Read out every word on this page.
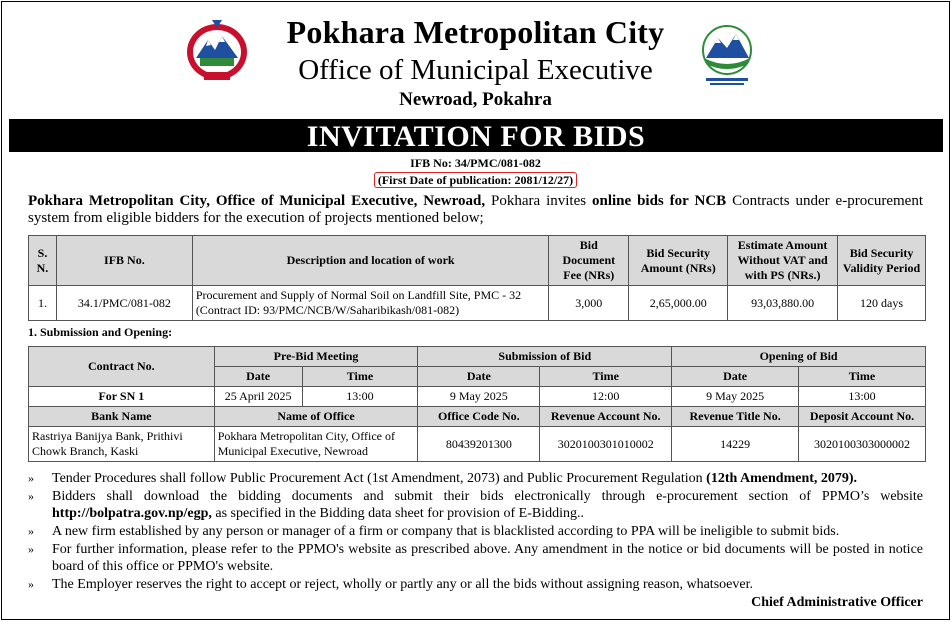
Pokhara Metropolitan City
Office of Municipal Executive
Newroad, Pokahra
INVITATION FOR BIDS
IFB No: 34/PMC/081-082
(First Date of publication: 2081/12/27)
Pokhara Metropolitan City, Office of Municipal Executive, Newroad, Pokhara invites online bids for NCB Contracts under e-procurement system from eligible bidders for the execution of projects mentioned below;
S. N.	IFB No.	Description and location of work	Bid Document Fee (NRs)	Bid Security Amount (NRs)	Estimate Amount Without VAT and with PS (NRs.)	Bid Security Validity Period
1.	34.1/PMC/081-082	Procurement and Supply of Normal Soil on Landfill Site, PMC - 32 (Contract ID: 93/PMC/NCB/W/Saharibikash/081-082)	3,000	2,65,000.00	93,03,880.00	120 days
1. Submission and Opening:
Contract No.	Pre-Bid Meeting		Submission of Bid		Opening of Bid	
	Date	Time	Date	Time	Date	Time
For SN 1	25 April 2025	13:00	9 May 2025	12:00	9 May 2025	13:00
Bank Name	Name of Office		Office Code No.	Revenue Account No.	Revenue Title No.	Deposit Account No.
Rastriya Banijya Bank, Prithivi Chowk Branch, Kaski	Pokhara Metropolitan City, Office of Municipal Executive, Newroad		80439201300	3020100301010002	14229	3020100303000002
»	Tender Procedures shall follow Public Procurement Act (1st Amendment, 2073) and Public Procurement Regulation (12th Amendment, 2079).
»	Bidders shall download the bidding documents and submit their bids electronically through e-procurement section of PPMO’s website http://bolpatra.gov.np/egp, as specified in the Bidding data sheet for provision of E-Bidding..
»	A new firm established by any person or manager of a firm or company that is blacklisted according to PPA will be ineligible to submit bids.
»	For further information, please refer to the PPMO's website as prescribed above. Any amendment in the notice or bid documents will be posted in notice board of this office or PPMO's website.
»	The Employer reserves the right to accept or reject, wholly or partly any or all the bids without assigning reason, whatsoever.
Chief Administrative Officer
